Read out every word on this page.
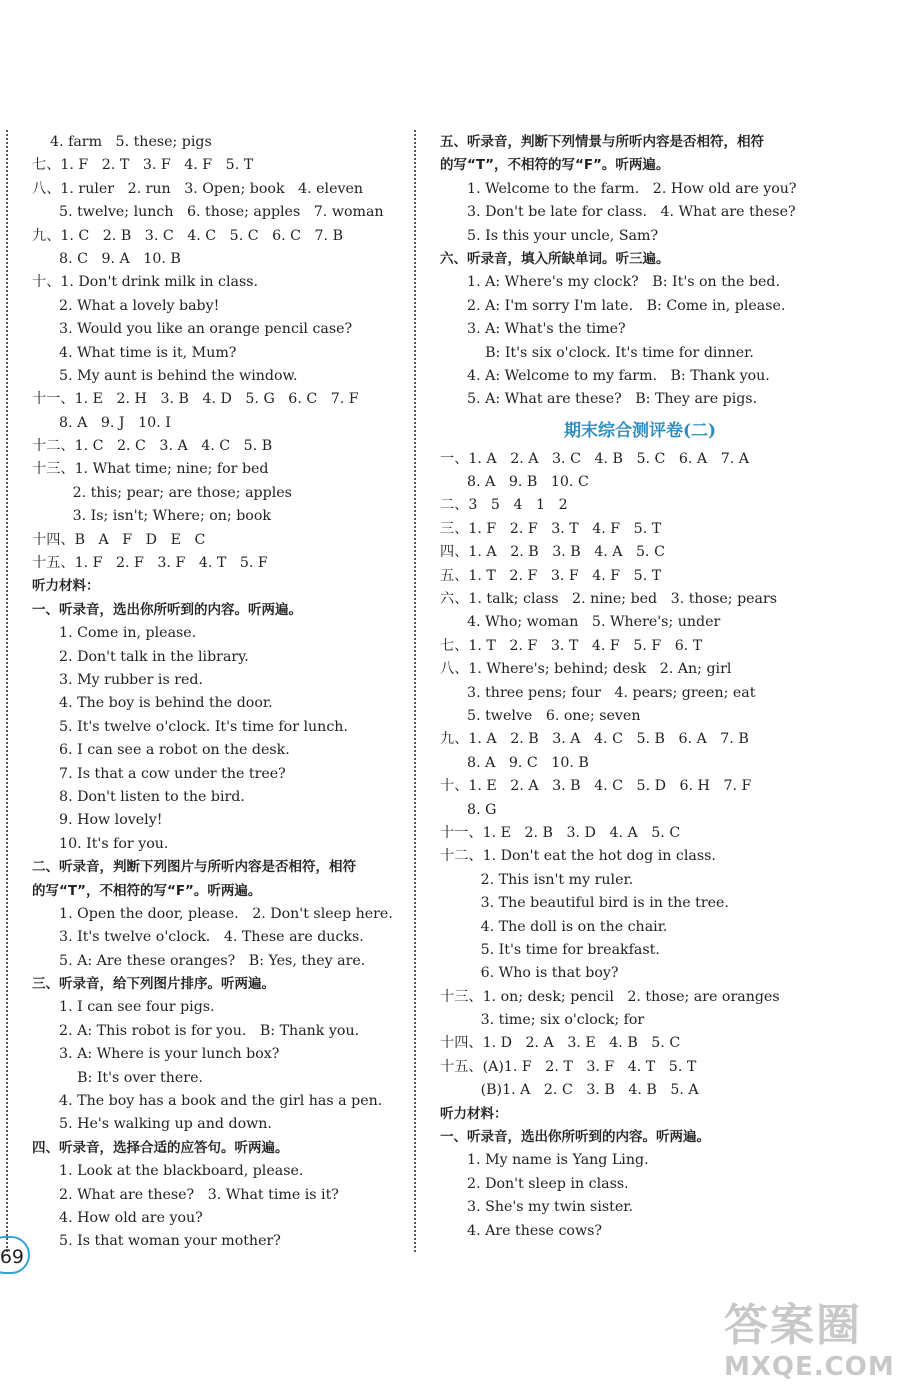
4. farm   5. these; pigs
七、1. F   2. T   3. F   4. F   5. T
八、1. ruler   2. run   3. Open; book   4. eleven
5. twelve; lunch   6. those; apples   7. woman
九、1. C   2. B   3. C   4. C   5. C   6. C   7. B
8. C   9. A   10. B
十、1. Don't drink milk in class.
2. What a lovely baby!
3. Would you like an orange pencil case?
4. What time is it, Mum?
5. My aunt is behind the window.
十一、1. E   2. H   3. B   4. D   5. G   6. C   7. F
8. A   9. J   10. I
十二、1. C   2. C   3. A   4. C   5. B
十三、1. What time; nine; for bed
2. this; pear; are those; apples
3. Is; isn't; Where; on; book
十四、B   A   F   D   E   C
十五、1. F   2. F   3. F   4. T   5. F
听力材料：
一、听录音，选出你所听到的内容。听两遍。
1. Come in, please.
2. Don't talk in the library.
3. My rubber is red.
4. The boy is behind the door.
5. It's twelve o'clock. It's time for lunch.
6. I can see a robot on the desk.
7. Is that a cow under the tree?
8. Don't listen to the bird.
9. How lovely!
10. It's for you.
二、听录音，判断下列图片与所听内容是否相符，相符
的写“T”，不相符的写“F”。听两遍。
1. Open the door, please.   2. Don't sleep here.
3. It's twelve o'clock.   4. These are ducks.
5. A: Are these oranges?   B: Yes, they are.
三、听录音，给下列图片排序。听两遍。
1. I can see four pigs.
2. A: This robot is for you.   B: Thank you.
3. A: Where is your lunch box?
B: It's over there.
4. The boy has a book and the girl has a pen.
5. He's walking up and down.
四、听录音，选择合适的应答句。听两遍。
1. Look at the blackboard, please.
2. What are these?   3. What time is it?
4. How old are you?
5. Is that woman your mother?
五、听录音，判断下列情景与所听内容是否相符，相符
的写“T”，不相符的写“F”。听两遍。
1. Welcome to the farm.   2. How old are you?
3. Don't be late for class.   4. What are these?
5. Is this your uncle, Sam?
六、听录音，填入所缺单词。听三遍。
1. A: Where's my clock?   B: It's on the bed.
2. A: I'm sorry I'm late.   B: Come in, please.
3. A: What's the time?
B: It's six o'clock. It's time for dinner.
4. A: Welcome to my farm.   B: Thank you.
5. A: What are these?   B: They are pigs.
期末综合测评卷(二)
一、1. A   2. A   3. C   4. B   5. C   6. A   7. A
8. A   9. B   10. C
二、3   5   4   1   2
三、1. F   2. F   3. T   4. F   5. T
四、1. A   2. B   3. B   4. A   5. C
五、1. T   2. F   3. F   4. F   5. T
六、1. talk; class   2. nine; bed   3. those; pears
4. Who; woman   5. Where's; under
七、1. T   2. F   3. T   4. F   5. F   6. T
八、1. Where's; behind; desk   2. An; girl
3. three pens; four   4. pears; green; eat
5. twelve   6. one; seven
九、1. A   2. B   3. A   4. C   5. B   6. A   7. B
8. A   9. C   10. B
十、1. E   2. A   3. B   4. C   5. D   6. H   7. F
8. G
十一、1. E   2. B   3. D   4. A   5. C
十二、1. Don't eat the hot dog in class.
2. This isn't my ruler.
3. The beautiful bird is in the tree.
4. The doll is on the chair.
5. It's time for breakfast.
6. Who is that boy?
十三、1. on; desk; pencil   2. those; are oranges
3. time; six o'clock; for
十四、1. D   2. A   3. E   4. B   5. C
十五、(A)1. F   2. T   3. F   4. T   5. T
(B)1. A   2. C   3. B   4. B   5. A
听力材料：
一、听录音，选出你所听到的内容。听两遍。
1. My name is Yang Ling.
2. Don't sleep in class.
3. She's my twin sister.
4. Are these cows?
69
答案圈
MXQE.COM
